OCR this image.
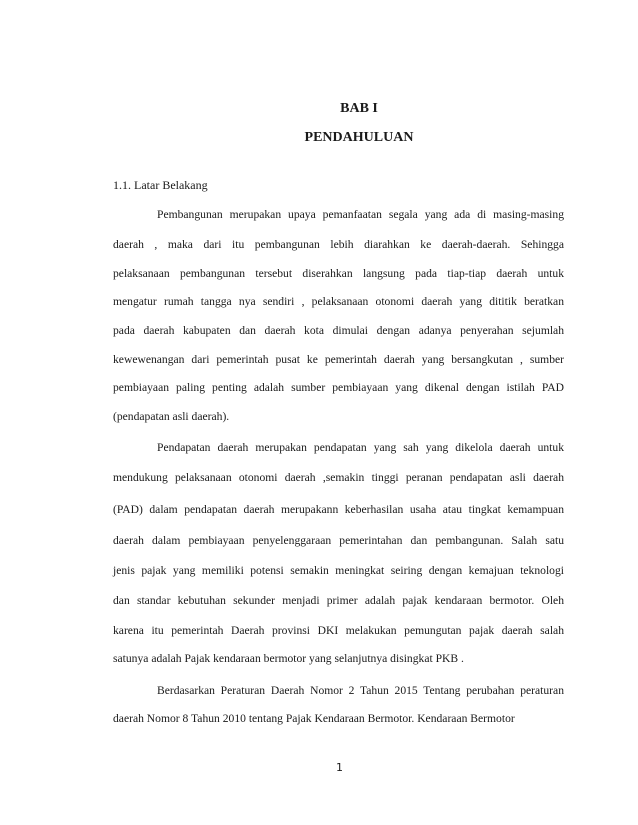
BAB I
PENDAHULUAN

1.1. Latar Belakang

Pembangunan merupakan upaya pemanfaatan segala yang ada di masing-masing

daerah , maka dari itu pembangunan lebih diarahkan ke daerah-daerah. Sehingga

pelaksanaan pembangunan tersebut diserahkan langsung pada tiap-tiap daerah untuk

mengatur rumah tangga nya sendiri , pelaksanaan otonomi daerah yang dititik beratkan

pada daerah kabupaten dan daerah kota dimulai dengan adanya penyerahan sejumlah

kewewenangan dari pemerintah pusat ke pemerintah daerah yang bersangkutan , sumber

pembiayaan paling penting adalah sumber pembiayaan yang dikenal dengan istilah PAD

(pendapatan asli daerah).

Pendapatan daerah merupakan pendapatan yang sah yang dikelola daerah untuk

mendukung pelaksanaan otonomi daerah ,semakin tinggi peranan pendapatan asli daerah

(PAD) dalam pendapatan daerah merupakann keberhasilan usaha atau tingkat kemampuan

daerah dalam pembiayaan penyelenggaraan pemerintahan dan pembangunan. Salah satu

jenis pajak yang memiliki potensi semakin meningkat seiring dengan kemajuan teknologi

dan standar kebutuhan sekunder menjadi primer adalah pajak kendaraan bermotor. Oleh

karena itu pemerintah Daerah provinsi DKI melakukan pemungutan pajak daerah salah

satunya adalah Pajak kendaraan bermotor yang selanjutnya disingkat PKB .

Berdasarkan Peraturan Daerah Nomor 2 Tahun 2015 Tentang perubahan peraturan

daerah Nomor 8 Tahun 2010 tentang Pajak Kendaraan Bermotor. Kendaraan Bermotor

1
